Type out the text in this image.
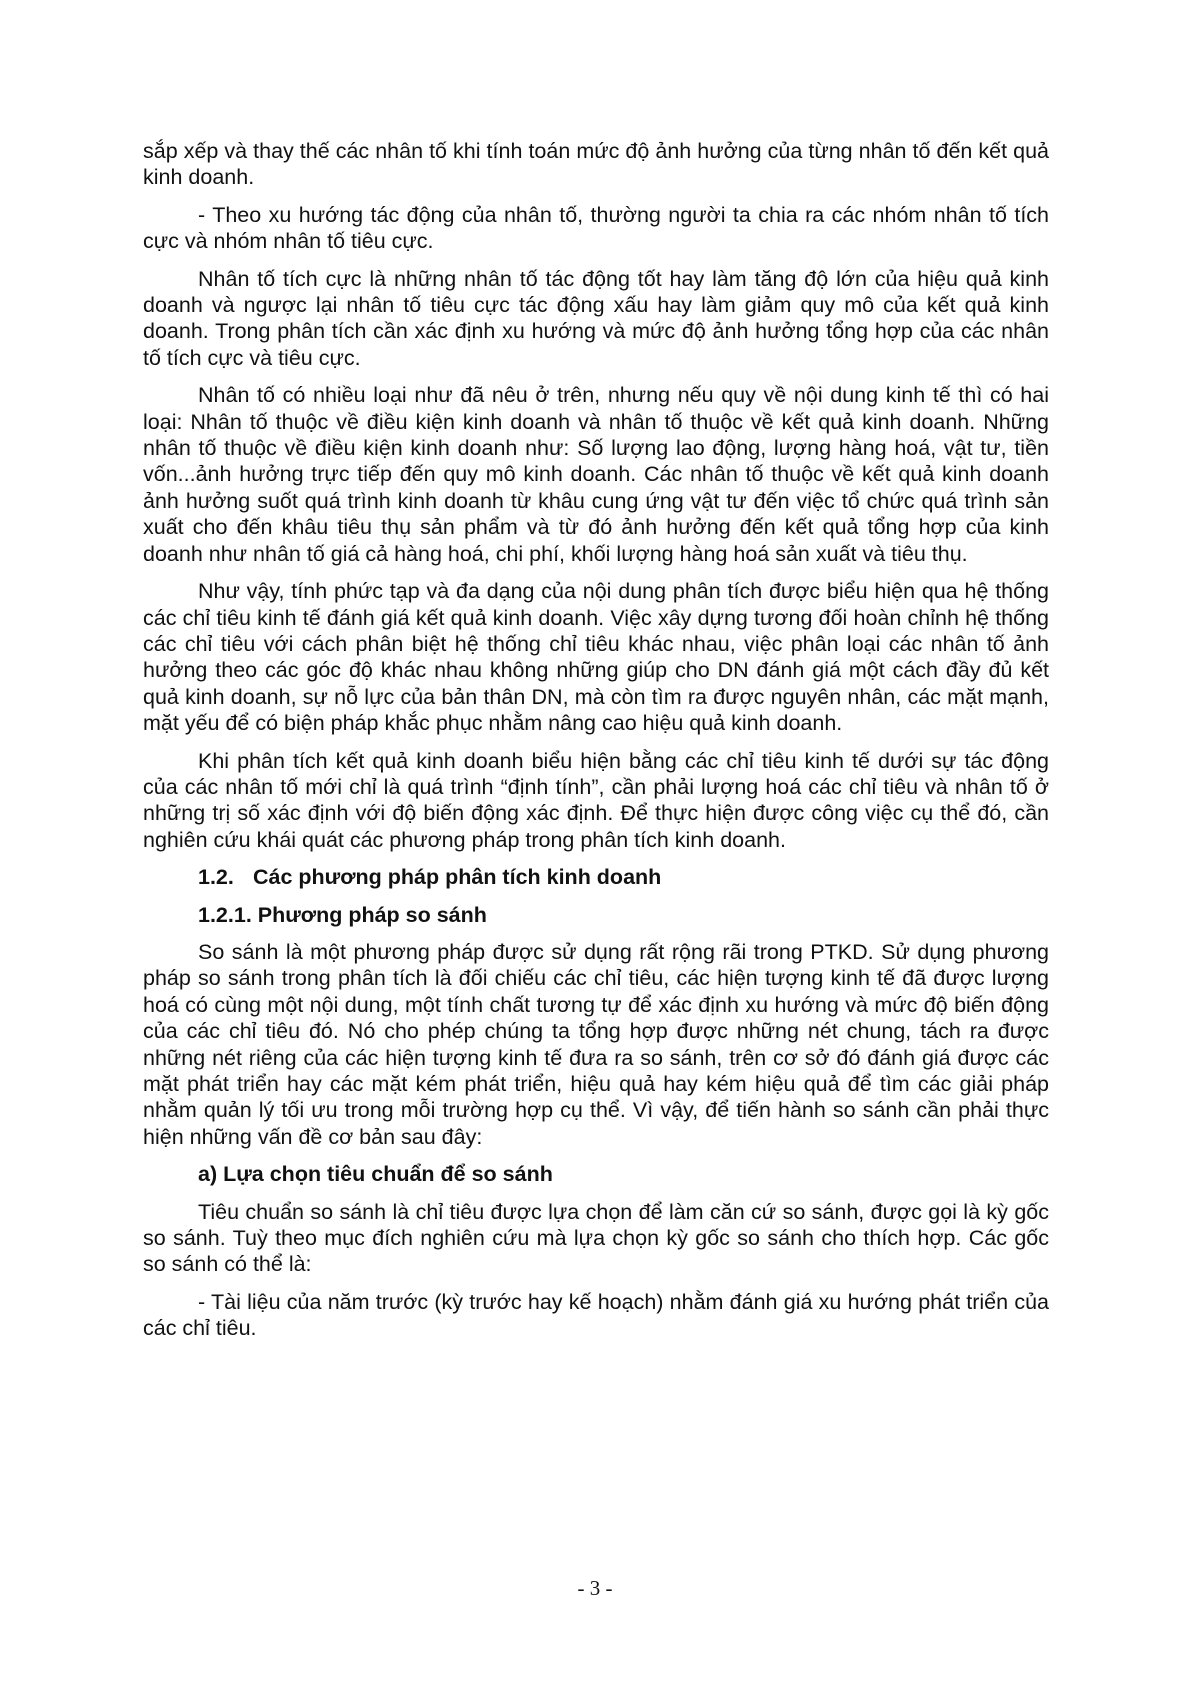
sắp xếp và thay thế các nhân tố khi tính toán mức độ ảnh hưởng của từng nhân tố đến kết quả kinh doanh.

- Theo xu hướng tác động của nhân tố, thường người ta chia ra các nhóm nhân tố tích cực và nhóm nhân tố tiêu cực.

Nhân tố tích cực là những nhân tố tác động tốt hay làm tăng độ lớn của hiệu quả kinh doanh và ngược lại nhân tố tiêu cực tác động xấu hay làm giảm quy mô của kết quả kinh doanh. Trong phân tích cần xác định xu hướng và mức độ ảnh hưởng tổng hợp của các nhân tố tích cực và tiêu cực.

Nhân tố có nhiều loại như đã nêu ở trên, nhưng nếu quy về nội dung kinh tế thì có hai loại: Nhân tố thuộc về điều kiện kinh doanh và nhân tố thuộc về kết quả kinh doanh. Những nhân tố thuộc về điều kiện kinh doanh như: Số lượng lao động, lượng hàng hoá, vật tư, tiền vốn...ảnh hưởng trực tiếp đến quy mô kinh doanh. Các nhân tố thuộc về kết quả kinh doanh ảnh hưởng suốt quá trình kinh doanh từ khâu cung ứng vật tư đến việc tổ chức quá trình sản xuất cho đến khâu tiêu thụ sản phẩm và từ đó ảnh hưởng đến kết quả tổng hợp của kinh doanh như nhân tố giá cả hàng hoá, chi phí, khối lượng hàng hoá sản xuất và tiêu thụ.

Như vậy, tính phức tạp và đa dạng của nội dung phân tích được biểu hiện qua hệ thống các chỉ tiêu kinh tế đánh giá kết quả kinh doanh. Việc xây dựng tương đối hoàn chỉnh hệ thống các chỉ tiêu với cách phân biệt hệ thống chỉ tiêu khác nhau, việc phân loại các nhân tố ảnh hưởng theo các góc độ khác nhau không những giúp cho DN đánh giá một cách đầy đủ kết quả kinh doanh, sự nỗ lực của bản thân DN, mà còn tìm ra được nguyên nhân, các mặt mạnh, mặt yếu để có biện pháp khắc phục nhằm nâng cao hiệu quả kinh doanh.

Khi phân tích kết quả kinh doanh biểu hiện bằng các chỉ tiêu kinh tế dưới sự tác động của các nhân tố mới chỉ là quá trình “định tính”, cần phải lượng hoá các chỉ tiêu và nhân tố ở những trị số xác định với độ biến động xác định. Để thực hiện được công việc cụ thể đó, cần nghiên cứu khái quát các phương pháp trong phân tích kinh doanh.

1.2. Các phương pháp phân tích kinh doanh
1.2.1. Phương pháp so sánh

So sánh là một phương pháp được sử dụng rất rộng rãi trong PTKD. Sử dụng phương pháp so sánh trong phân tích là đối chiếu các chỉ tiêu, các hiện tượng kinh tế đã được lượng hoá có cùng một nội dung, một tính chất tương tự để xác định xu hướng và mức độ biến động của các chỉ tiêu đó. Nó cho phép chúng ta tổng hợp được những nét chung, tách ra được những nét riêng của các hiện tượng kinh tế đưa ra so sánh, trên cơ sở đó đánh giá được các mặt phát triển hay các mặt kém phát triển, hiệu quả hay kém hiệu quả để tìm các giải pháp nhằm quản lý tối ưu trong mỗi trường hợp cụ thể. Vì vậy, để tiến hành so sánh cần phải thực hiện những vấn đề cơ bản sau đây:

a) Lựa chọn tiêu chuẩn để so sánh

Tiêu chuẩn so sánh là chỉ tiêu được lựa chọn để làm căn cứ so sánh, được gọi là kỳ gốc so sánh. Tuỳ theo mục đích nghiên cứu mà lựa chọn kỳ gốc so sánh cho thích hợp. Các gốc so sánh có thể là:

- Tài liệu của năm trước (kỳ trước hay kế hoạch) nhằm đánh giá xu hướng phát triển của các chỉ tiêu.

- 3 -
